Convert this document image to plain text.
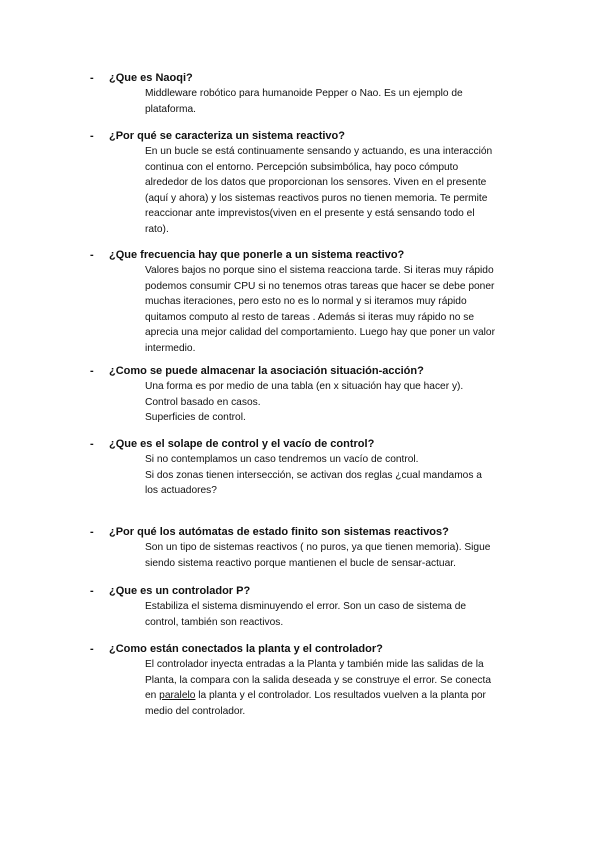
- ¿Que es Naoqi?
Middleware robótico para humanoide Pepper o Nao. Es un ejemplo de
plataforma.
- ¿Por qué se caracteriza un sistema reactivo?
En un bucle se está continuamente sensando y actuando, es una interacción
continua con el entorno. Percepción subsimbólica, hay poco cómputo
alrededor de los datos que proporcionan los sensores. Viven en el presente
(aquí y ahora) y los sistemas reactivos puros no tienen memoria. Te permite
reaccionar ante imprevistos(viven en el presente y está sensando todo el
rato).
- ¿Que frecuencia hay que ponerle a un sistema reactivo?
Valores bajos no porque sino el sistema reacciona tarde. Si iteras muy rápido
podemos consumir CPU si no tenemos otras tareas que hacer se debe poner
muchas iteraciones, pero esto no es lo normal y si iteramos muy rápido
quitamos computo al resto de tareas . Además si iteras muy rápido no se
aprecia una mejor calidad del comportamiento. Luego hay que poner un valor
intermedio.
- ¿Como se puede almacenar la asociación situación-acción?
Una forma es por medio de una tabla (en x situación hay que hacer y).
Control basado en casos.
Superficies de control.
- ¿Que es el solape de control y el vacío de control?
Si no contemplamos un caso tendremos un vacío de control.
Si dos zonas tienen intersección, se activan dos reglas ¿cual mandamos a
los actuadores?
- ¿Por qué los autómatas de estado finito son sistemas reactivos?
Son un tipo de sistemas reactivos ( no puros, ya que tienen memoria). Sigue
siendo sistema reactivo porque mantienen el bucle de sensar-actuar.
- ¿Que es un controlador P?
Estabiliza el sistema disminuyendo el error. Son un caso de sistema de
control, también son reactivos.
- ¿Como están conectados la planta y el controlador?
El controlador inyecta entradas a la Planta y también mide las salidas de la
Planta, la compara con la salida deseada y se construye el error. Se conecta
en paralelo la planta y el controlador. Los resultados vuelven a la planta por
medio del controlador.
